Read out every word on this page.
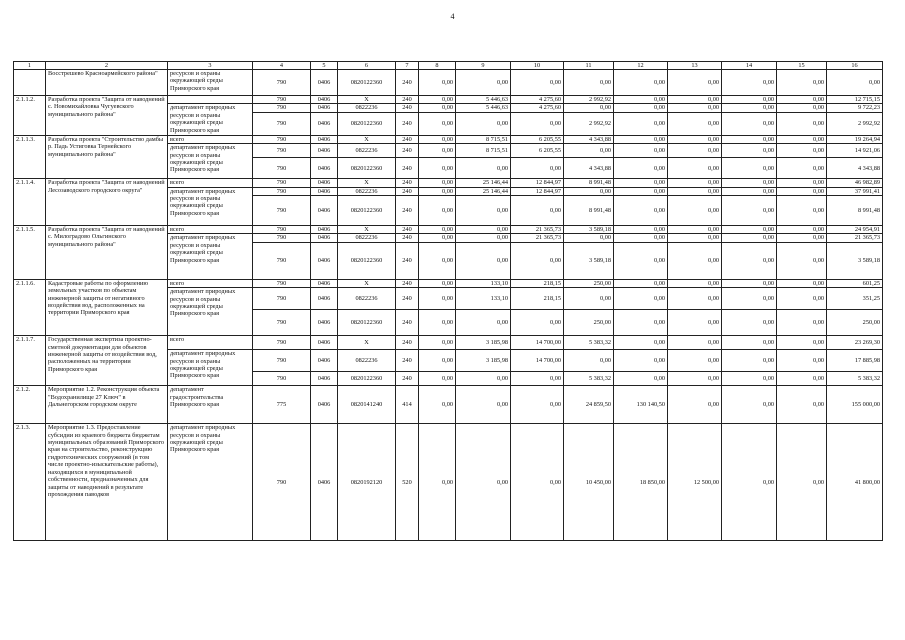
4
1	2	3	4	5	6	7	8	9	10	11	12	13	14	15	16
	Восстрешево Красноармейского района"	ресурсов и охраны окружающей среды Приморского края	790	0406	0820122360	240	0,00	0,00	0,00	0,00	0,00	0,00	0,00	0,00	0,00
2.1.1.2.	Разработка проекта "Защита от наводнений с. Новомихайловка Чугуевского муниципального района"		790	0406	X	240	0,00	5 446,63	4 275,60	2 992,92	0,00	0,00	0,00	0,00	12 715,15
		департамент природных ресурсов и охраны окружающей среды Приморского края	790	0406	0822236	240	0,00	5 446,63	4 275,60	0,00	0,00	0,00	0,00	0,00	9 722,23
			790	0406	0820122360	240	0,00	0,00	0,00	2 992,92	0,00	0,00	0,00	0,00	2 992,92
2.1.1.3.	Разработка проекта "Строительство дамбы р. Падь Устиговка Тернейского муниципального района"	всего	790	0406	X	240	0,00	8 715,51	6 205,55	4 343,88	0,00	0,00	0,00	0,00	19 264,94
		департамент природных ресурсов и охраны окружающей среды Приморского края	790	0406	0822236	240	0,00	8 715,51	6 205,55	0,00	0,00	0,00	0,00	0,00	14 921,06
			790	0406	0820122360	240	0,00	0,00	0,00	4 343,88	0,00	0,00	0,00	0,00	4 343,88
2.1.1.4.	Разработка проекта "Защита от наводнений Лесозаводского городского округа"	всего	790	0406	X	240	0,00	25 146,44	12 844,97	8 991,48	0,00	0,00	0,00	0,00	46 982,89
		департамент природных ресурсов и охраны окружающей среды Приморского края	790	0406	0822236	240	0,00	25 146,44	12 844,97	0,00	0,00	0,00	0,00	0,00	37 991,41
			790	0406	0820122360	240	0,00	0,00	0,00	8 991,48	0,00	0,00	0,00	0,00	8 991,48
2.1.1.5.	Разработка проекта "Защита от наводнений с. Милоградово Ольгинского муниципального района"	всего	790	0406	X	240	0,00	0,00	21 365,73	3 589,18	0,00	0,00	0,00	0,00	24 954,91
		департамент природных ресурсов и охраны окружающей среды Приморского края	790	0406	0822236	240	0,00	0,00	21 365,73	0,00	0,00	0,00	0,00	0,00	21 365,73
			790	0406	0820122360	240	0,00	0,00	0,00	3 589,18	0,00	0,00	0,00	0,00	3 589,18
2.1.1.6.	Кадастровые работы по оформлению земельных участков по объектам инженерной защиты от негативного воздействия вод, расположенных на территории Приморского края	всего	790	0406	X	240	0,00	133,10	218,15	250,00	0,00	0,00	0,00	0,00	601,25
		департамент природных ресурсов и охраны окружающей среды Приморского края	790	0406	0822236	240	0,00	133,10	218,15	0,00	0,00	0,00	0,00	0,00	351,25
			790	0406	0820122360	240	0,00	0,00	0,00	250,00	0,00	0,00	0,00	0,00	250,00
2.1.1.7.	Государственная экспертиза проектно-сметной документации для объектов инженерной защиты от воздействия вод, расположенных на территории Приморского края	всего	790	0406	X	240	0,00	3 185,98	14 700,00	5 383,32	0,00	0,00	0,00	0,00	23 269,30
		департамент природных ресурсов и охраны окружающей среды Приморского края	790	0406	0822236	240	0,00	3 185,98	14 700,00	0,00	0,00	0,00	0,00	0,00	17 885,98
			790	0406	0820122360	240	0,00	0,00	0,00	5 383,32	0,00	0,00	0,00	0,00	5 383,32
2.1.2.	Мероприятие 1.2. Реконструкция объекта "Водохранилище 27 Ключ" в Дальнегорском городском округе	департамент градостроительства Приморского края	775	0406	0820141240	414	0,00	0,00	0,00	24 859,50	130 140,50	0,00	0,00	0,00	155 000,00
2.1.3.	Мероприятие 1.3. Предоставление субсидии из краевого бюджета бюджетам муниципальных образований Приморского края на строительство, реконструкцию гидротехнических сооружений (в том числе проектно-изыскательские работы), находящихся в муниципальной собственности, предназначенных для защиты от наводнений в результате прохождения паводков	департамент природных ресурсов и охраны окружающей среды Приморского края	790	0406	0820192120	520	0,00	0,00	0,00	10 450,00	18 850,00	12 500,00	0,00	0,00	41 800,00
